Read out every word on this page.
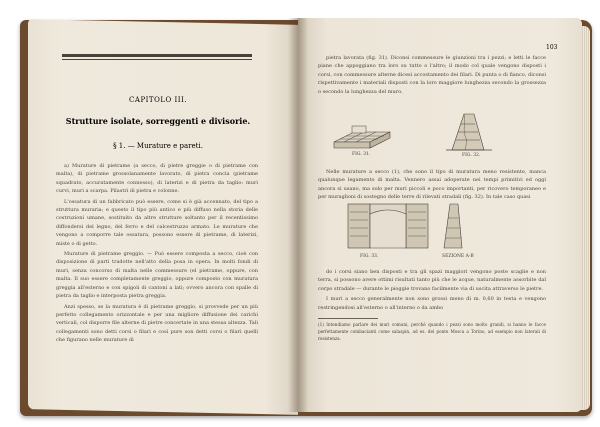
CAPITOLO III.
Strutture isolate, sorreggenti e divisorie.
§ 1. — Murature e pareti.

a) Murature di pietrame (a secco, di pietre greggie o di pietrame con malta), di pietrame grossolanamente lavorato, di pietra concia (pietrame squadrato, accuratamente connesso), di laterizi e di pietra da taglio: muri curvi, muri a scarpa. Pilastri di pietra e colonne.

L'ossatura di un fabbricato può essere, come si è già accennato, del tipo a struttura muraria; e questo il tipo più antico e più diffuso nella storia delle costruzioni umane, sostituito da altre strutture soltanto per il recentissimo diffondersi del legno, del ferro e del calcestruzzo armato. Le murature che vengono a comporre tale ossatura, possono essere di pietrame, di laterizi, miste o di getto.

Murature di pietrame greggio. — Può essere composta a secco, cioè con disposizione di parti tradotte nell'atto della posa in opera. In molti fondi di muri, senza concorso di malta nelle commessure (el pietrame, oppure, con malta. Il suo essere completamente greggio, oppure composto con muratura greggia all'esterno e con spigoli di cantoni a lati; ovvero ancora con spalle di pietra da taglio e interposta pietra greggia.

Anzi spesso, se la muratura è di pietrame greggio, si provvede per un più perfetto collegamento orizzontale e per una migliore diffusione dei carichi verticali, col disporre file alterne di pietre concertate in una stessa altezza. Tali collegamenti sono detti corsi o filari e così pure son detti corsi o filari quelli che figurano nelle murature di

103

pietra lavorata (fig. 31). Diconsi commessure le giunzioni tra i pezzi; e letti le facce piane che appoggiano tra loro su tutto o l'altro; il modo col quale vengono disposti i corsi, con commessure alterne dicesi accostamento dei filari. Di punta o di fianco, diconsi rispettivamente i materiali disposti con la loro maggiore lunghezza secondo la grossezza o secondo la lunghezza del muro.

FIG. 31.	FIG. 32.

Nelle murature a secco (1), che sono il tipo di muratura meno resistente, manca qualunque legamento di malta. Vennero assai adoperate nei tempi primitivi ed oggi ancora si usano, ma solo per muri piccoli e poco importanti, per ricovero temporaneo e per muraglioni di sostegno delle terre di rilevati stradali (fig. 32). In tale caso quasi

FIG. 33.	SEZIONE A-B

do i corsi siano ben disposti e tra gli spazi maggiori vengono poste scaglie e non terra, si possono avere ottimi risultati tanto più che le acque, naturalmente assorbite dal corpo stradale — durante le pioggie trovano facilmente via di uscita attraverso le pietre.

I muri a secco generalmente non sono grossi meno di m. 0,60 in testa e vengono restringendosi all'esterno o all'interno o da ambo

(1) Intendiamo parlare dei muri comuni, perché quando i pezzi sono molto grandi, si hanno le facce perfettamente combacianti come salaspin, ad es. del ponte Mosca a Torino, ad esempio non laterali di resistenza.
